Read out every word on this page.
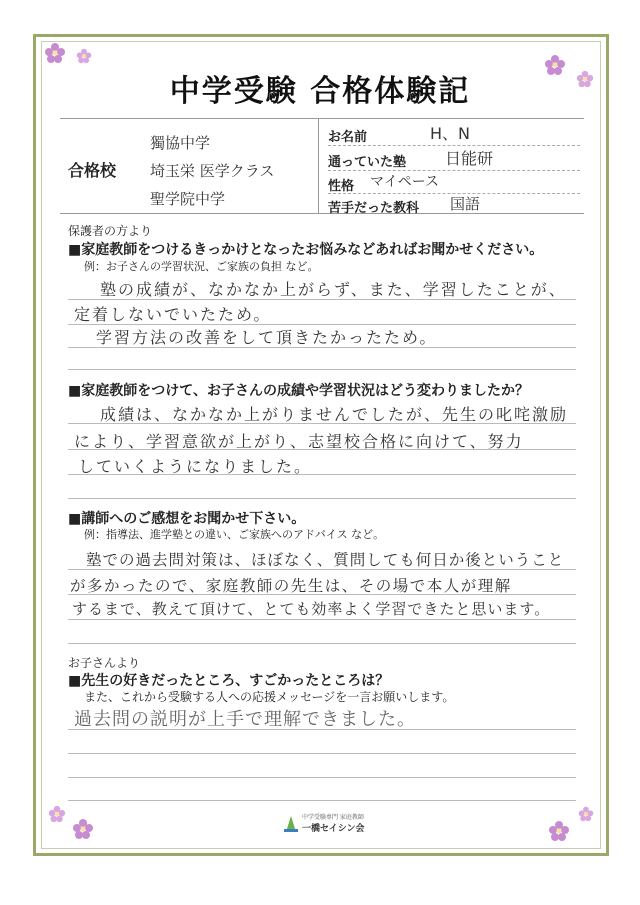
中学受験 合格体験記
合格校
獨協中学
埼玉栄 医学クラス
聖学院中学
お名前	H、N
通っていた塾 日能研
性格 マイペース
苦手だった教科 国語
保護者の方より
■家庭教師をつけるきっかけとなったお悩みなどあればお聞かせください。
例：お子さんの学習状況、ご家族の負担 など。
塾の成績が、なかなか上がらず、また、学習したことが、
定着しないでいたため。
学習方法の改善をして頂きたかったため。
■家庭教師をつけて、お子さんの成績や学習状況はどう変わりましたか？
成績は、なかなか上がりませんでしたが、先生の叱咤激励
により、学習意欲が上がり、志望校合格に向けて、努力
していくようになりました。
■講師へのご感想をお聞かせ下さい。
例：指導法、進学塾との違い、ご家族へのアドバイス など。
塾での過去問対策は、ほぼなく、質問しても何日か後ということ
が多かったので、家庭教師の先生は、その場で本人が理解
するまで、教えて頂けて、とても効率よく学習できたと思います。
お子さんより
■先生の好きだったところ、すごかったところは？
また、これから受験する人への応援メッセージを一言お願いします。
過去問の説明が上手で理解できました。
中学受験専門 家庭教師
一橋セイシン会
